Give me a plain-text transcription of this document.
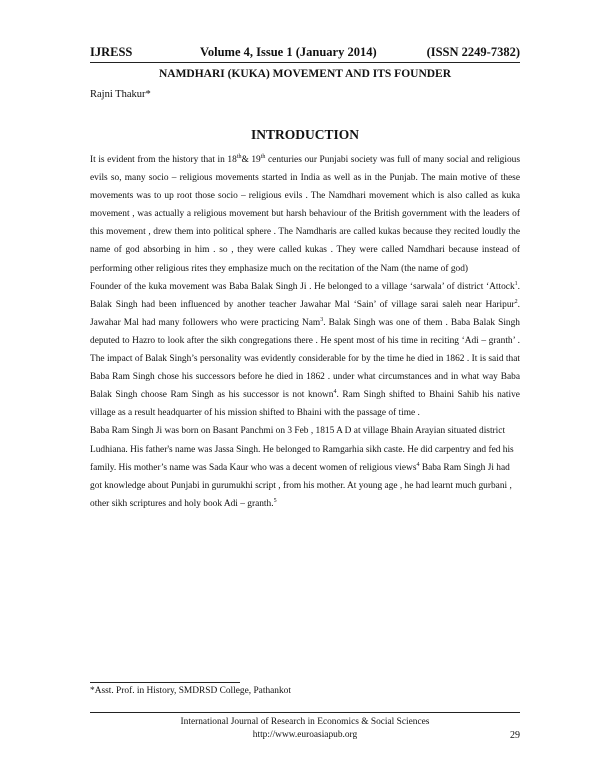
IJRESS	Volume 4, Issue 1 (January 2014)	(ISSN 2249-7382)
NAMDHARI (KUKA) MOVEMENT AND ITS FOUNDER
Rajni Thakur*
INTRODUCTION

It is evident from the history that in 18th& 19th centuries our Punjabi society was full of many social and religious evils so, many socio – religious movements started in India as well as in the Punjab. The main motive of these movements was to up root those socio – religious evils . The Namdhari movement which is also called as kuka movement , was actually a religious movement but harsh behaviour of the British government with the leaders of this movement , drew them into political sphere . The Namdharis are called kukas because they recited loudly the name of god absorbing in him . so , they were called kukas . They were called Namdhari because instead of performing other religious rites they emphasize much on the recitation of the Nam (the name of god)

Founder of the kuka movement was Baba Balak Singh Ji . He belonged to a village ‘sarwala’ of district ‘Attock$^1$. Balak Singh had been influenced by another teacher Jawahar Mal ‘Sain’ of village sarai saleh near Haripur$^2$. Jawahar Mal had many followers who were practicing Nam$^3$. Balak Singh was one of them . Baba Balak Singh deputed to Hazro to look after the sikh congregations there . He spent most of his time in reciting ‘Adi – granth’ . The impact of Balak Singh’s personality was evidently considerable for by the time he died in 1862 . It is said that Baba Ram Singh chose his successors before he died in 1862 . under what circumstances and in what way Baba Balak Singh choose Ram Singh as his successor is not known$^4$. Ram Singh shifted to Bhaini Sahib his native village as a result headquarter of his mission shifted to Bhaini with the passage of time .

Baba Ram Singh Ji was born on Basant Panchmi on 3 Feb , 1815 A D at village Bhain Arayian situated district Ludhiana. His father's name was Jassa Singh. He belonged to Ramgarhia sikh caste. He did carpentry and fed his family. His mother’s name was Sada Kaur who was a decent women of religious views$^4$ Baba Ram Singh Ji had got knowledge about Punjabi in gurumukhi script , from his mother. At young age , he had learnt much gurbani , other sikh scriptures and holy book Adi – granth.$^5$

*Asst. Prof. in History, SMDRSD College, Pathankot
International Journal of Research in Economics & Social Sciences
http://www.euroasiapub.org	29
